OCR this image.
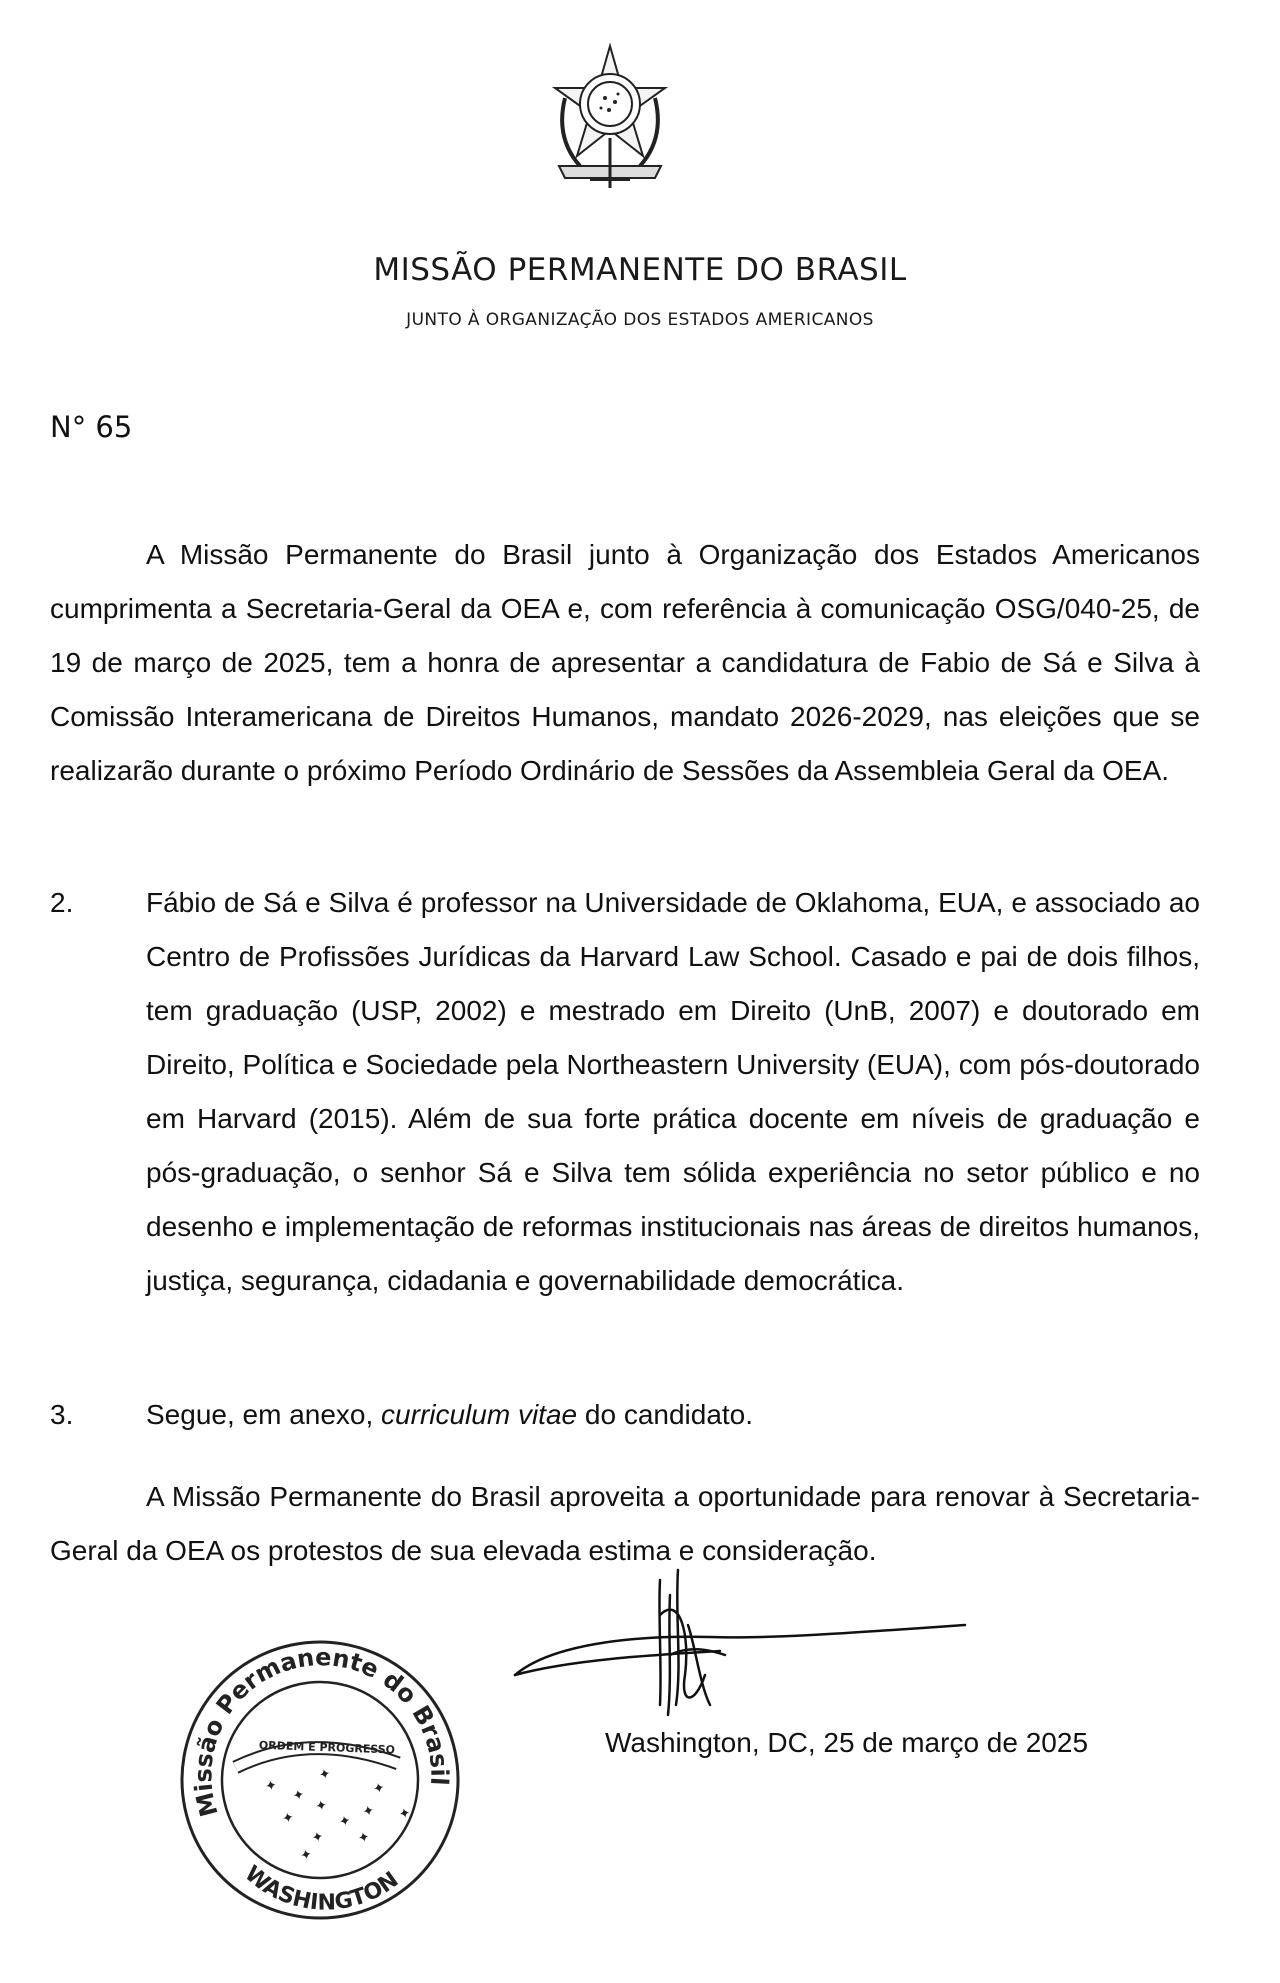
MISSÃO PERMANENTE DO BRASIL
JUNTO À ORGANIZAÇÃO DOS ESTADOS AMERICANOS
N° 65

A Missão Permanente do Brasil junto à Organização dos Estados Americanos cumprimenta a Secretaria-Geral da OEA e, com referência à comunicação OSG/040-25, de 19 de março de 2025, tem a honra de apresentar a candidatura de Fabio de Sá e Silva à Comissão Interamericana de Direitos Humanos, mandato 2026-2029, nas eleições que se realizarão durante o próximo Período Ordinário de Sessões da Assembleia Geral da OEA.

2.	Fábio de Sá e Silva é professor na Universidade de Oklahoma, EUA, e associado ao Centro de Profissões Jurídicas da Harvard Law School. Casado e pai de dois filhos, tem graduação (USP, 2002) e mestrado em Direito (UnB, 2007) e doutorado em Direito, Política e Sociedade pela Northeastern University (EUA), com pós-doutorado em Harvard (2015). Além de sua forte prática docente em níveis de graduação e pós-graduação, o senhor Sá e Silva tem sólida experiência no setor público e no desenho e implementação de reformas institucionais nas áreas de direitos humanos, justiça, segurança, cidadania e governabilidade democrática.
3.	Segue, em anexo, curriculum vitae do candidato.

A Missão Permanente do Brasil aproveita a oportunidade para renovar à Secretaria-Geral da OEA os protestos de sua elevada estima e consideração.

Washington, DC, 25 de março de 2025
Missão Permanente do Brasil
WASHINGTON,
ORDEM E PROGRESSO
✦
✦
✦
✦
✦
✦
✦
✦
✦
✦
✦
✦
